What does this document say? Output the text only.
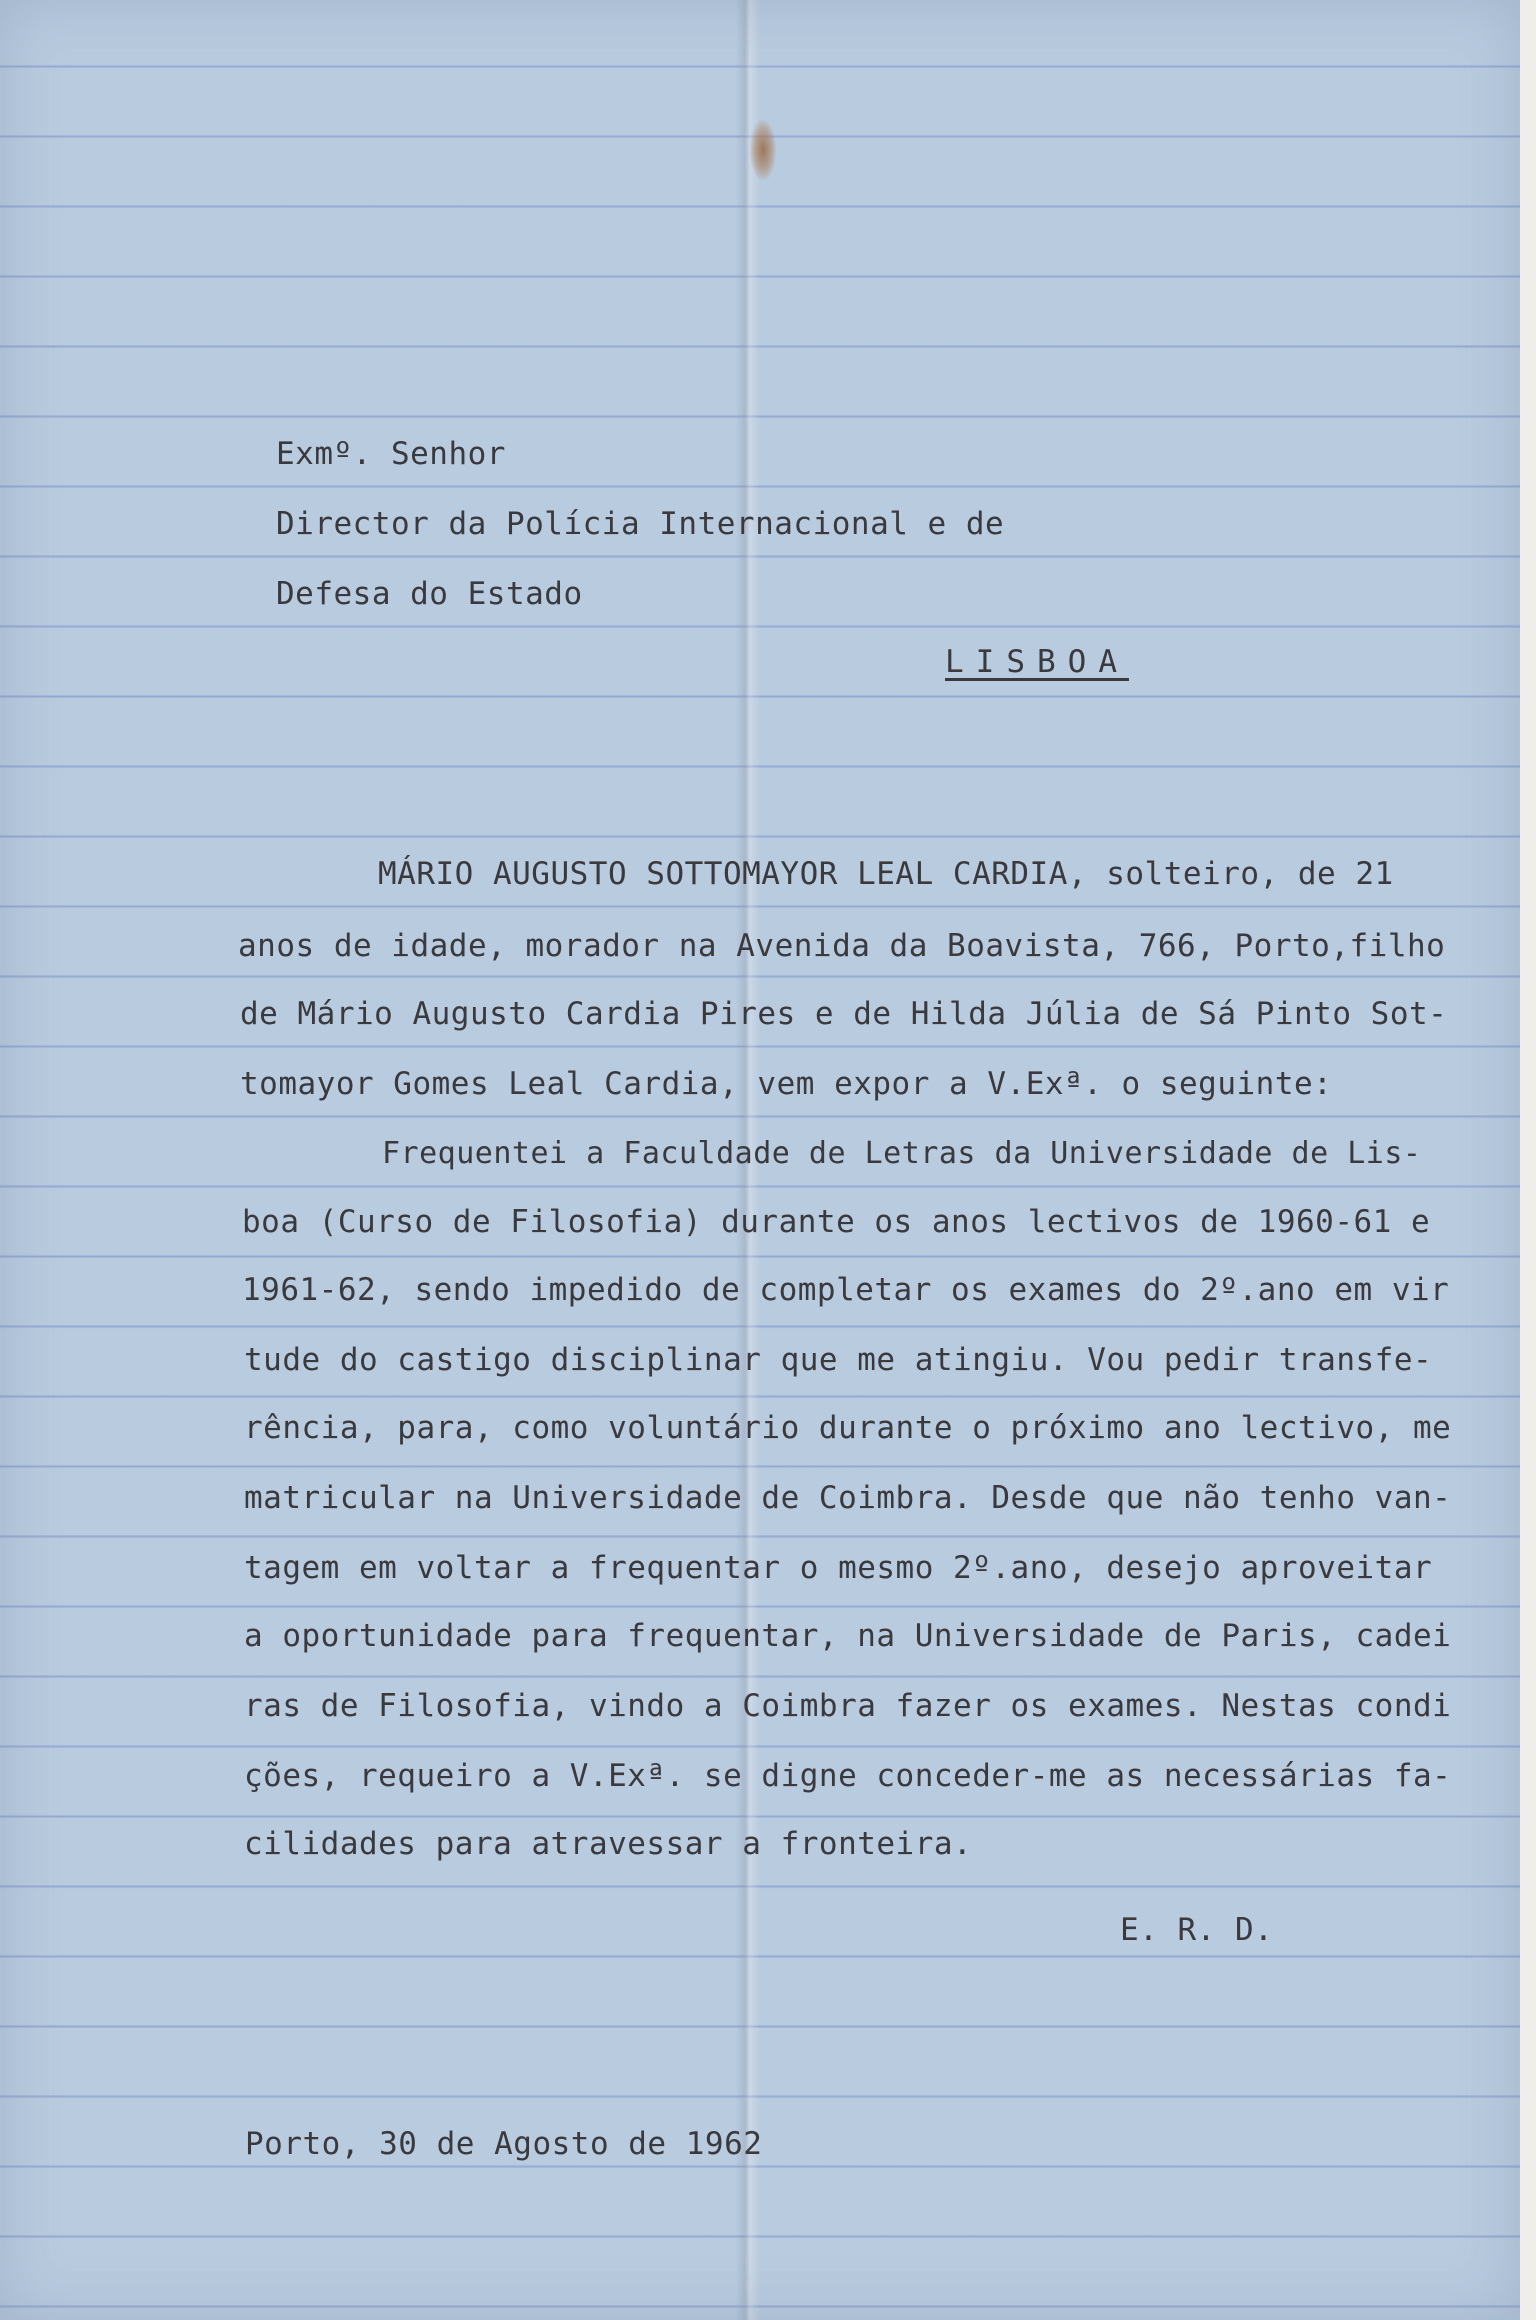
Exmº. Senhor

Director da Polícia Internacional e de

Defesa do Estado

LISBOA

MÁRIO AUGUSTO SOTTOMAYOR LEAL CARDIA, solteiro, de 21

anos de idade, morador na Avenida da Boavista, 766, Porto,filho

de Mário Augusto Cardia Pires e de Hilda Júlia de Sá Pinto Sot-

tomayor Gomes Leal Cardia, vem expor a V.Exª. o seguinte:

Frequentei a Faculdade de Letras da Universidade de Lis-

boa (Curso de Filosofia) durante os anos lectivos de 1960-61 e

1961-62, sendo impedido de completar os exames do 2º.ano em vir

tude do castigo disciplinar que me atingiu. Vou pedir transfe-

rência, para, como voluntário durante o próximo ano lectivo, me

matricular na Universidade de Coimbra. Desde que não tenho van-

tagem em voltar a frequentar o mesmo 2º.ano, desejo aproveitar

a oportunidade para frequentar, na Universidade de Paris, cadei

ras de Filosofia, vindo a Coimbra fazer os exames. Nestas condi

ções, requeiro a V.Exª. se digne conceder-me as necessárias fa-

cilidades para atravessar a fronteira.

E. R. D.

Porto, 30 de Agosto de 1962
